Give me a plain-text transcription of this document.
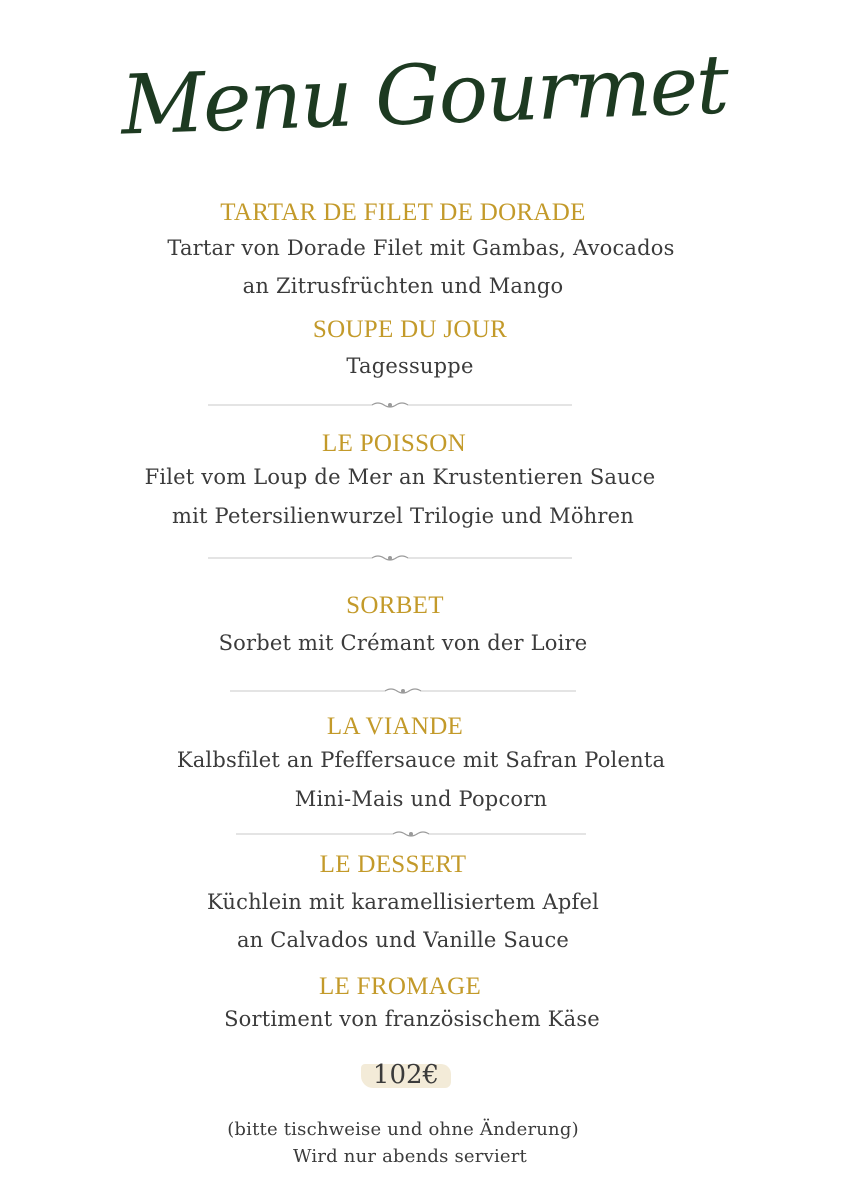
Menu Gourmet
TARTAR DE FILET DE DORADE
Tartar von Dorade Filet mit Gambas, Avocados
an Zitrusfrüchten und Mango
SOUPE DU JOUR
Tagessuppe
LE POISSON
Filet vom Loup de Mer an Krustentieren Sauce
mit Petersilienwurzel Trilogie und Möhren
SORBET
Sorbet mit Crémant von der Loire
LA VIANDE
Kalbsfilet an Pfeffersauce mit Safran Polenta
Mini-Mais und Popcorn
LE DESSERT
Küchlein mit karamellisiertem Apfel
an Calvados und Vanille Sauce
LE FROMAGE
Sortiment von französischem Käse
102€
(bitte tischweise und ohne Änderung)
Wird nur abends serviert
